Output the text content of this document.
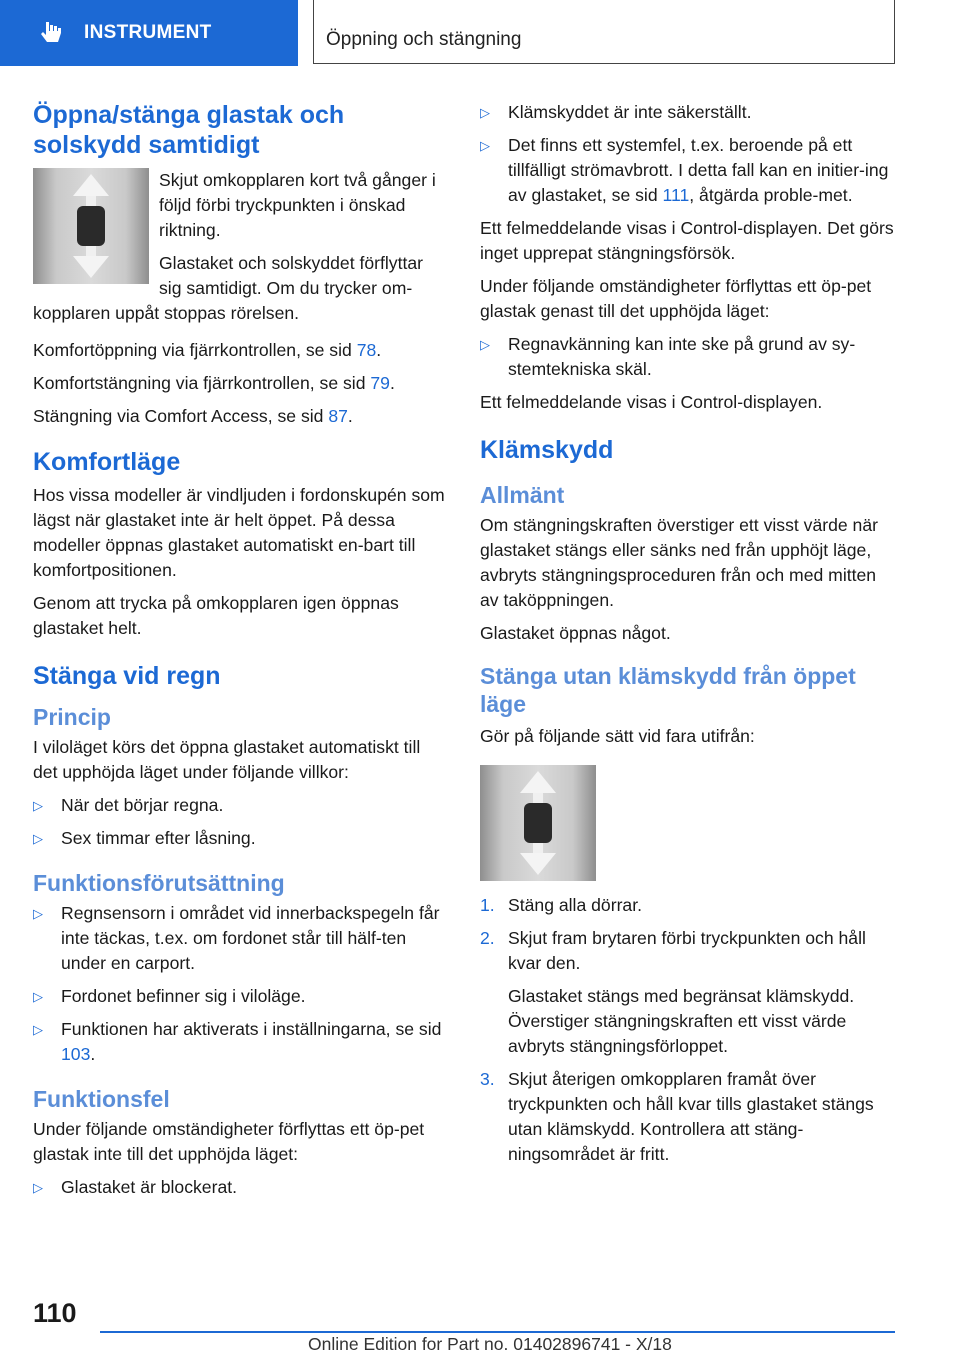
INSTRUMENT	Öppning och stängning
Öppna/stänga glastak och solskydd samtidigt

Skjut omkopplaren kort två gånger i följd förbi tryckpunkten i önskad riktning.

Glastaket och solskyddet förflyttar sig samtidigt. Om du trycker om-kopplaren uppåt stoppas rörelsen.

Komfortöppning via fjärrkontrollen, se sid 78.

Komfortstängning via fjärrkontrollen, se sid 79.

Stängning via Comfort Access, se sid 87.

Komfortläge

Hos vissa modeller är vindljuden i fordonskupén som lägst när glastaket inte är helt öppet. På dessa modeller öppnas glastaket automatiskt en-bart till komfortpositionen.

Genom att trycka på omkopplaren igen öppnas glastaket helt.

Stänga vid regn
Princip

I viloläget körs det öppna glastaket automatiskt till det upphöjda läget under följande villkor:

▷ När det börjar regna.
▷ Sex timmar efter låsning.
Funktionsförutsättning
▷ Regnsensorn i området vid innerbackspegeln får inte täckas, t.ex. om fordonet står till hälf-ten under en carport.
▷ Fordonet befinner sig i viloläge.
▷ Funktionen har aktiverats i inställningarna, se sid 103.
Funktionsfel

Under följande omständigheter förflyttas ett öp-pet glastak inte till det upphöjda läget:

▷ Glastaket är blockerat.
▷ Klämskyddet är inte säkerställt.
▷ Det finns ett systemfel, t.ex. beroende på ett tillfälligt strömavbrott. I detta fall kan en initier-ing av glastaket, se sid 111, åtgärda proble-met.

Ett felmeddelande visas i Control-displayen. Det görs inget upprepat stängningsförsök.

Under följande omständigheter förflyttas ett öp-pet glastak genast till det upphöjda läget:

▷ Regnavkänning kan inte ske på grund av sy-stemtekniska skäl.

Ett felmeddelande visas i Control-displayen.

Klämskydd
Allmänt

Om stängningskraften överstiger ett visst värde när glastaket stängs eller sänks ned från upphöjt läge, avbryts stängningsproceduren från och med mitten av taköppningen.

Glastaket öppnas något.

Stänga utan klämskydd från öppet läge

Gör på följande sätt vid fara utifrån:

1. Stäng alla dörrar.
2. Skjut fram brytaren förbi tryckpunkten och håll kvar den.
Glastaket stängs med begränsat klämskydd. Överstiger stängningskraften ett visst värde avbryts stängningsförloppet.
3. Skjut återigen omkopplaren framåt över tryckpunkten och håll kvar tills glastaket stängs utan klämskydd. Kontrollera att stäng-ningsområdet är fritt.
110
Online Edition for Part no. 01402896741 - X/18
